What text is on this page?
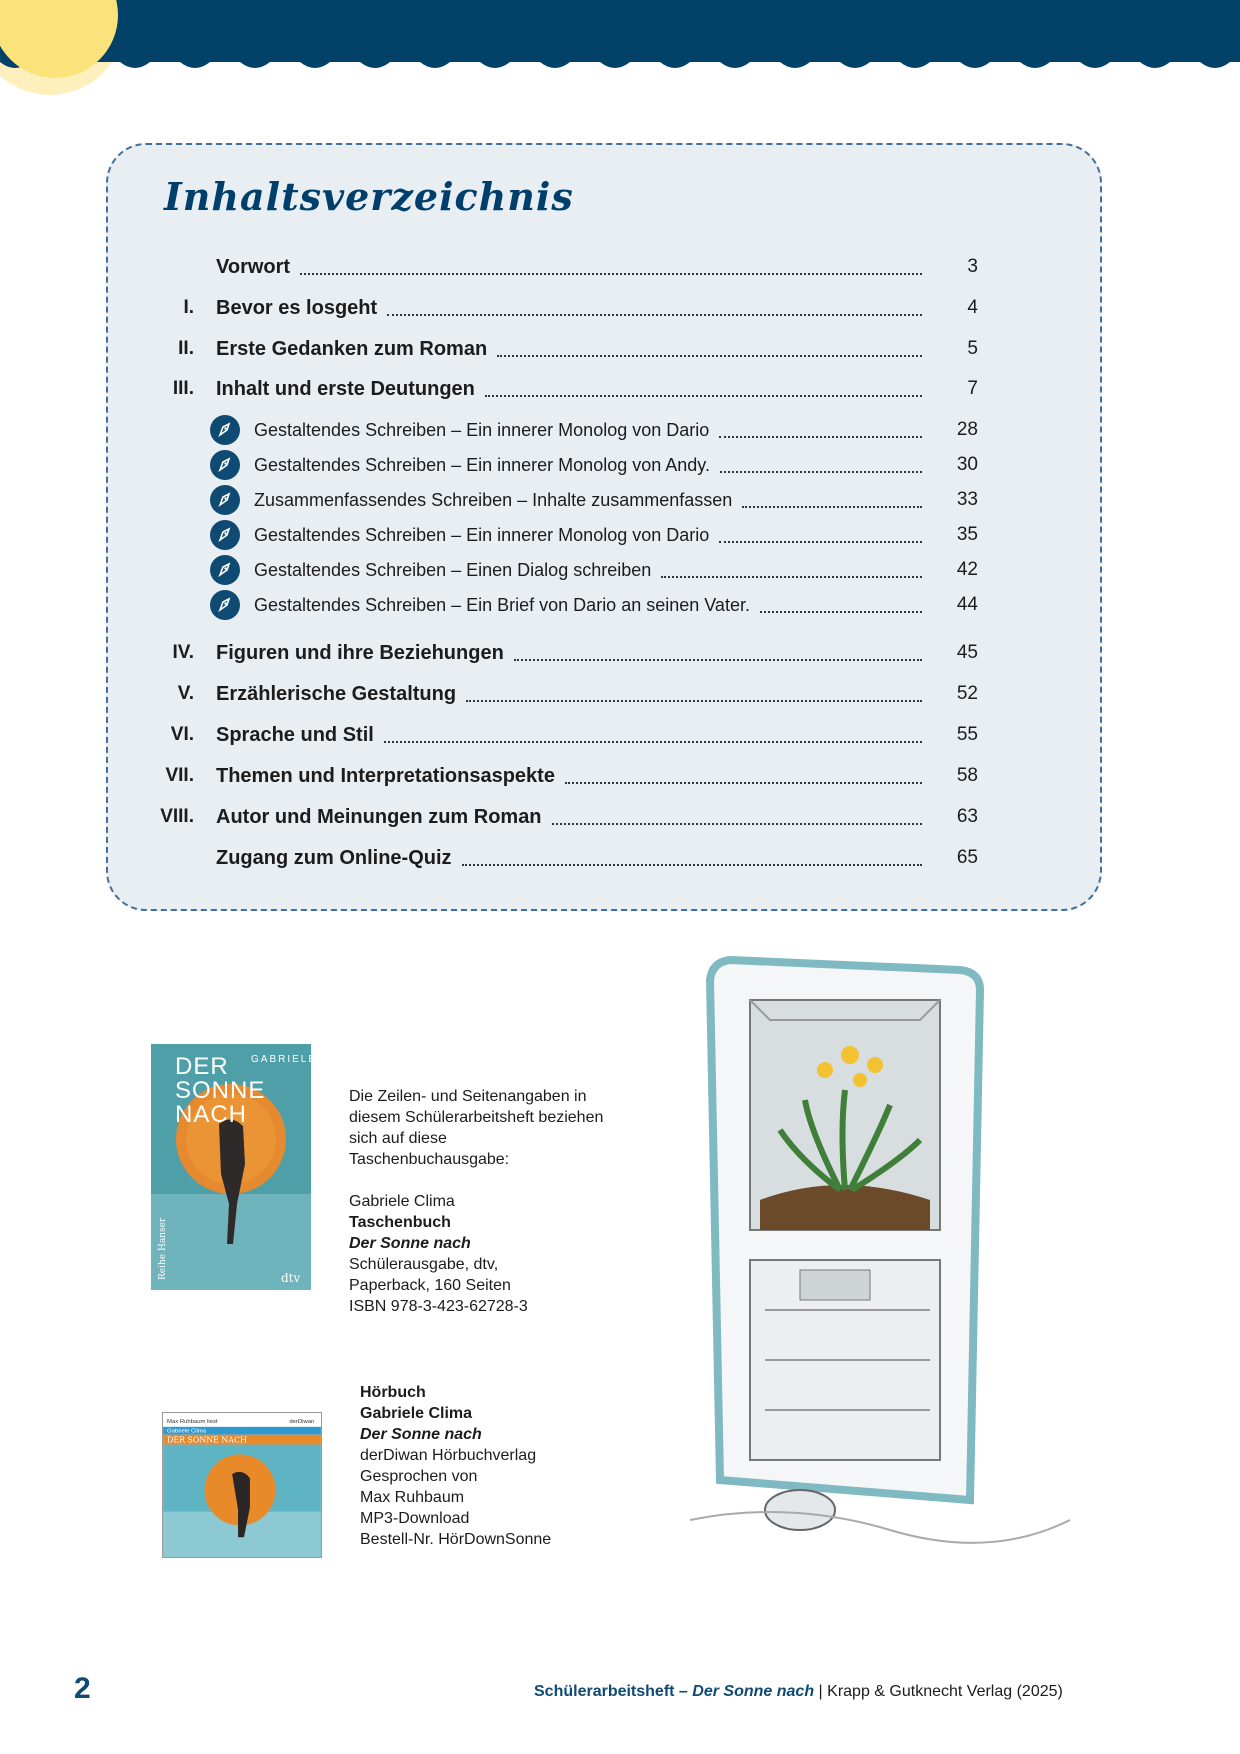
Inhaltsverzeichnis
Vorwort	3
I.	Bevor es losgeht	4
II.	Erste Gedanken zum Roman	5
III.	Inhalt und erste Deutungen	7
Gestaltendes Schreiben – Ein innerer Monolog von Dario	28
Gestaltendes Schreiben – Ein innerer Monolog von Andy.	30
Zusammenfassendes Schreiben – Inhalte zusammenfassen	33
Gestaltendes Schreiben – Ein innerer Monolog von Dario	35
Gestaltendes Schreiben – Einen Dialog schreiben	42
Gestaltendes Schreiben – Ein Brief von Dario an seinen Vater.	44
IV.	Figuren und ihre Beziehungen	45
V.	Erzählerische Gestaltung	52
VI.	Sprache und Stil	55
VII.	Themen und Interpretationsaspekte	58
VIII.	Autor und Meinungen zum Roman	63
Zugang zum Online-Quiz	65
GABRIELE CLIMA
DER
SONNE
NACH
Reihe Hanser	dtv
Die Zeilen- und Seitenangaben in diesem Schülerarbeitsheft beziehen sich auf diese Taschenbuchausgabe:
Gabriele Clima
Taschenbuch
Der Sonne nach
Schülerausgabe, dtv,
Paperback, 160 Seiten
ISBN 978-3-423-62728-3
Max Ruhbaum liest	derDiwan
Gabriele Clima
DER SONNE NACH
Hörbuch
Gabriele Clima
Der Sonne nach
derDiwan Hörbuchverlag
Gesprochen von
Max Ruhbaum
MP3-Download
Bestell-Nr. HörDownSonne
2	Schülerarbeitsheft – Der Sonne nach | Krapp & Gutknecht Verlag (2025)
